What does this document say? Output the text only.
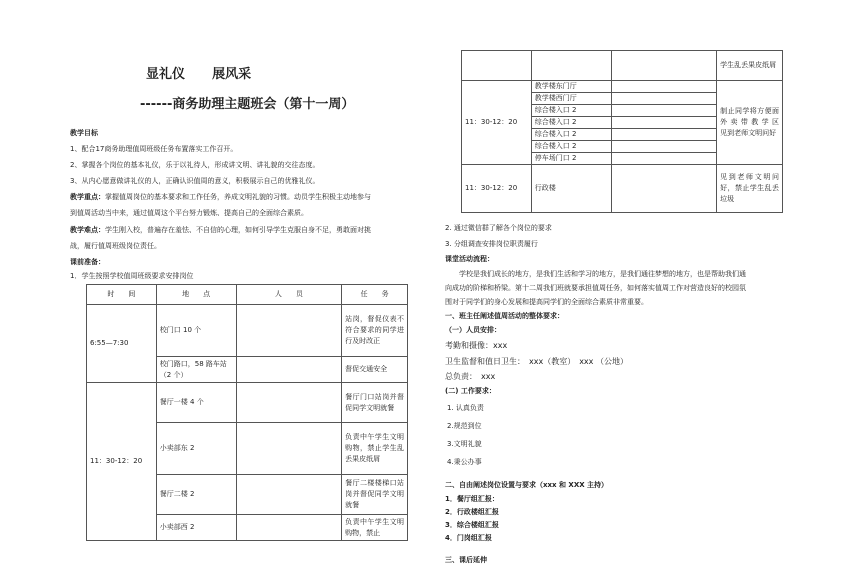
显礼仪      展风采
------商务助理主题班会（第十一周）
教学目标
1、配合17商务助理值周班级任务布置落实工作召开。
2、掌握各个岗位的基本礼仪，乐于以礼待人，形成讲文明、讲礼貌的交往态度。
3、从内心愿意做讲礼仪的人，正确认识值周的意义，积极展示自己的优雅礼仪。
教学重点：掌握值周岗位的基本要求和工作任务，养成文明礼貌的习惯。动员学生积极主动地参与
到值周活动当中来，通过值周这个平台努力锻炼、提高自己的全面综合素质。
教学难点：学生刚入校，普遍存在羞怯、不自信的心理，如何引导学生克服自身不足，勇敢面对挑
战，履行值周班级岗位责任。
课前准备：
1．学生按照学校值周班级要求安排岗位
时　　间	地　　点	人　　员	任　　务
6:55—7:30	校门口 10 个		站岗，督促仪表不符合要求的同学进行及时改正
	校门路口，58 路车站（2 个）		督促交通安全
11：30-12：20	餐厅一楼 4 个		餐厅门口站岗并督促同学文明就餐
	小卖部东 2		负责中午学生文明购物，禁止学生乱丢果皮纸屑
	餐厅二楼 2		餐厅二楼楼梯口站岗并督促同学文明就餐
	小卖部西 2		负责中午学生文明购物，禁止
			学生乱丢果皮纸屑
11：30-12：20	教学楼东门厅		制止同学将方便面外卖带教学区　　见到老师文明问好
	教学楼西门厅		
	综合楼入口 2		
	综合楼入口 2		
	综合楼入口 2		
	综合楼入口 2		
	停车场门口 2		
11：30-12：20	行政楼		见到老师文明问好，禁止学生乱丢垃圾
2. 通过微信群了解各个岗位的要求
3. 分组调查安排岗位职责履行
课堂活动流程：
学校是我们成长的地方，是我们生活和学习的地方，是我们通往梦想的地方，也是帮助我们通
向成功的阶梯和桥梁。第十二周我们班就要承担值周任务，如何落实值周工作对营造良好的校园氛
围对于同学们的身心发展和提高同学们的全面综合素质非常重要。
一、班主任阐述值周活动的整体要求：
（一）人员安排：
考勤和摄像：xxx
卫生监督和值日卫生：　xxx（教室）　xxx （公地）
总负责：　xxx
(二) 工作要求：
1. 认真负责
2.规范到位
3.文明礼貌
4.秉公办事
二、自由阐述岗位设置与要求（xxx 和 XXX 主持）
1．餐厅组汇报：
2．行政楼组汇报
3．综合楼组汇报
4．门岗组汇报
三、课后延伸
